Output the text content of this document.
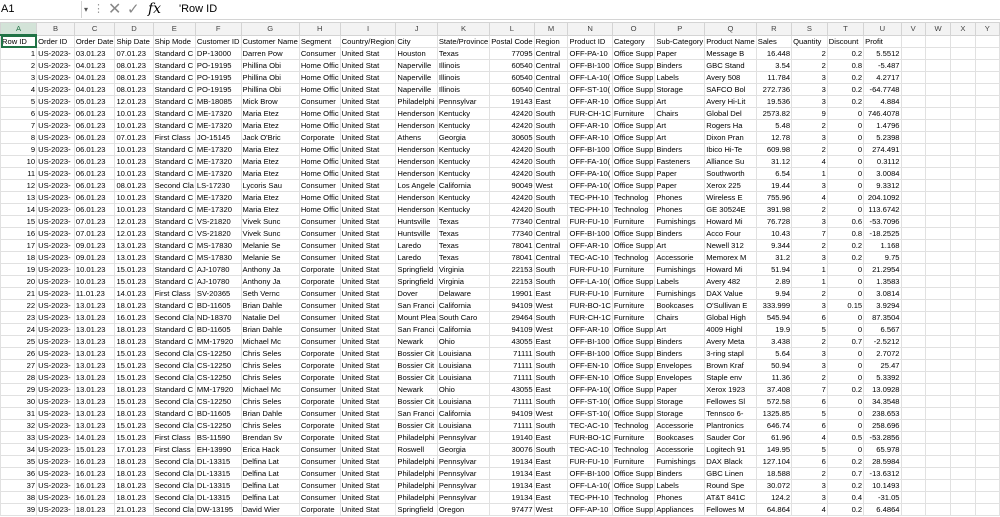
A1	▾ ⋮ ✕ ✓ fx 'Row ID
A	B	C	D	E	F	G	H	I	J	K	L	M	N	O	P	Q	R	S	T	U	V	W	X	Y
Row ID	Order ID	Order Date	Ship Date	Ship Mode	Customer ID	Customer Name	Segment	Country/Region	City	State/Province	Postal Code	Region	Product ID	Category	Sub-Category	Product Name	Sales	Quantity	Discount	Profit				
1	US-2023-	03.01.23	07.01.23	Standard C	DP-13000	Darren Pow	Consumer	United Stat	Houston	Texas	77095	Central	OFF-PA-10	Office Supp	Paper	Message B	16.448	2	0.2	5.5512				
2	US-2023-	04.01.23	08.01.23	Standard C	PO-19195	Phillina Obi	Home Offic	United Stat	Naperville	Illinois	60540	Central	OFF-BI-100	Office Supp	Binders	GBC Stand	3.54	2	0.8	-5.487				
3	US-2023-	04.01.23	08.01.23	Standard C	PO-19195	Phillina Obi	Home Offic	United Stat	Naperville	Illinois	60540	Central	OFF-LA-10(	Office Supp	Labels	Avery 508	11.784	3	0.2	4.2717				
4	US-2023-	04.01.23	08.01.23	Standard C	PO-19195	Phillina Obi	Home Offic	United Stat	Naperville	Illinois	60540	Central	OFF-ST-10(	Office Supp	Storage	SAFCO Bol	272.736	3	0.2	-64.7748				
5	US-2023-	05.01.23	12.01.23	Standard C	MB-18085	Mick Brow	Consumer	United Stat	Philadelphi	Pennsylvar	19143	East	OFF-AR-10	Office Supp	Art	Avery Hi-Lit	19.536	3	0.2	4.884				
6	US-2023-	06.01.23	10.01.23	Standard C	ME-17320	Maria Etez	Home Offic	United Stat	Henderson	Kentucky	42420	South	FUR-CH-1C	Furniture	Chairs	Global Del	2573.82	9	0	746.4078				
7	US-2023-	06.01.23	10.01.23	Standard C	ME-17320	Maria Etez	Home Offic	United Stat	Henderson	Kentucky	42420	South	OFF-AR-10	Office Supp	Art	Rogers Ha	5.48	2	0	1.4796				
8	US-2023-	06.01.23	07.01.23	First Class	JO-15145	Jack O'Bric	Corporate	United Stat	Athens	Georgia	30605	South	OFF-AR-10	Office Supp	Art	Dixon Pran	12.78	3	0	5.2398				
9	US-2023-	06.01.23	10.01.23	Standard C	ME-17320	Maria Etez	Home Offic	United Stat	Henderson	Kentucky	42420	South	OFF-BI-100	Office Supp	Binders	Ibico Hi-Te	609.98	2	0	274.491				
10	US-2023-	06.01.23	10.01.23	Standard C	ME-17320	Maria Etez	Home Offic	United Stat	Henderson	Kentucky	42420	South	OFF-FA-10(	Office Supp	Fasteners	Alliance Su	31.12	4	0	0.3112				
11	US-2023-	06.01.23	10.01.23	Standard C	ME-17320	Maria Etez	Home Offic	United Stat	Henderson	Kentucky	42420	South	OFF-PA-10(	Office Supp	Paper	Southworth	6.54	1	0	3.0084				
12	US-2023-	06.01.23	08.01.23	Second Cla	LS-17230	Lycoris Sau	Consumer	United Stat	Los Angele	California	90049	West	OFF-PA-10(	Office Supp	Paper	Xerox 225	19.44	3	0	9.3312				
13	US-2023-	06.01.23	10.01.23	Standard C	ME-17320	Maria Etez	Home Offic	United Stat	Henderson	Kentucky	42420	South	TEC-PH-10	Technolog	Phones	Wireless E	755.96	4	0	204.1092				
14	US-2023-	06.01.23	10.01.23	Standard C	ME-17320	Maria Etez	Home Offic	United Stat	Henderson	Kentucky	42420	South	TEC-PH-10	Technolog	Phones	GE 30524E	391.98	2	0	113.6742				
15	US-2023-	07.01.23	12.01.23	Standard C	VS-21820	Vivek Sunc	Consumer	United Stat	Huntsville	Texas	77340	Central	FUR-FU-10	Furniture	Furnishings	Howard Mi	76.728	3	0.6	-53.7096				
16	US-2023-	07.01.23	12.01.23	Standard C	VS-21820	Vivek Sunc	Consumer	United Stat	Huntsville	Texas	77340	Central	OFF-BI-100	Office Supp	Binders	Acco Four	10.43	7	0.8	-18.2525				
17	US-2023-	09.01.23	13.01.23	Standard C	MS-17830	Melanie Se	Consumer	United Stat	Laredo	Texas	78041	Central	OFF-AR-10	Office Supp	Art	Newell 312	9.344	2	0.2	1.168				
18	US-2023-	09.01.23	13.01.23	Standard C	MS-17830	Melanie Se	Consumer	United Stat	Laredo	Texas	78041	Central	TEC-AC-10	Technolog	Accessorie	Memorex M	31.2	3	0.2	9.75				
19	US-2023-	10.01.23	15.01.23	Standard C	AJ-10780	Anthony Ja	Corporate	United Stat	Springfield	Virginia	22153	South	FUR-FU-10	Furniture	Furnishings	Howard Mi	51.94	1	0	21.2954				
20	US-2023-	10.01.23	15.01.23	Standard C	AJ-10780	Anthony Ja	Corporate	United Stat	Springfield	Virginia	22153	South	OFF-LA-10(	Office Supp	Labels	Avery 482	2.89	1	0	1.3583				
21	US-2023-	11.01.23	14.01.23	First Class	SV-20365	Seth Vernc	Consumer	United Stat	Dover	Delaware	19901	East	FUR-FU-10	Furniture	Furnishings	DAX Value	9.94	2	0	3.0814				
22	US-2023-	13.01.23	18.01.23	Standard C	BD-11605	Brian Dahle	Consumer	United Stat	San Franci	California	94109	West	FUR-BO-1C	Furniture	Bookcases	O'Sullivan E	333.999	3	0.15	3.9294				
23	US-2023-	13.01.23	16.01.23	Second Cla	ND-18370	Natalie Del	Consumer	United Stat	Mount Plea	South Caro	29464	South	FUR-CH-1C	Furniture	Chairs	Global High	545.94	6	0	87.3504				
24	US-2023-	13.01.23	18.01.23	Standard C	BD-11605	Brian Dahle	Consumer	United Stat	San Franci	California	94109	West	OFF-AR-10	Office Supp	Art	4009 Highl	19.9	5	0	6.567				
25	US-2023-	13.01.23	18.01.23	Standard C	MM-17920	Michael Mc	Consumer	United Stat	Newark	Ohio	43055	East	OFF-BI-100	Office Supp	Binders	Avery Meta	3.438	2	0.7	-2.5212				
26	US-2023-	13.01.23	15.01.23	Second Cla	CS-12250	Chris Seles	Corporate	United Stat	Bossier Cit	Louisiana	71111	South	OFF-BI-100	Office Supp	Binders	3-ring stapl	5.64	3	0	2.7072				
27	US-2023-	13.01.23	15.01.23	Second Cla	CS-12250	Chris Seles	Corporate	United Stat	Bossier Cit	Louisiana	71111	South	OFF-EN-10	Office Supp	Envelopes	Brown Kraf	50.94	3	0	25.47				
28	US-2023-	13.01.23	15.01.23	Second Cla	CS-12250	Chris Seles	Corporate	United Stat	Bossier Cit	Louisiana	71111	South	OFF-EN-10	Office Supp	Envelopes	Staple env	11.36	2	0	5.3392				
29	US-2023-	13.01.23	18.01.23	Standard C	MM-17920	Michael Mc	Consumer	United Stat	Newark	Ohio	43055	East	OFF-PA-10(	Office Supp	Paper	Xerox 1923	37.408	7	0.2	13.0928				
30	US-2023-	13.01.23	15.01.23	Second Cla	CS-12250	Chris Seles	Corporate	United Stat	Bossier Cit	Louisiana	71111	South	OFF-ST-10(	Office Supp	Storage	Fellowes Sl	572.58	6	0	34.3548				
31	US-2023-	13.01.23	18.01.23	Standard C	BD-11605	Brian Dahle	Consumer	United Stat	San Franci	California	94109	West	OFF-ST-10(	Office Supp	Storage	Tennsco 6-	1325.85	5	0	238.653				
32	US-2023-	13.01.23	15.01.23	Second Cla	CS-12250	Chris Seles	Corporate	United Stat	Bossier Cit	Louisiana	71111	South	TEC-AC-10	Technolog	Accessorie	Plantronics	646.74	6	0	258.696				
33	US-2023-	14.01.23	15.01.23	First Class	BS-11590	Brendan Sv	Corporate	United Stat	Philadelphi	Pennsylvar	19140	East	FUR-BO-1C	Furniture	Bookcases	Sauder Cor	61.96	4	0.5	-53.2856				
34	US-2023-	15.01.23	17.01.23	First Class	EH-13990	Erica Hack	Consumer	United Stat	Roswell	Georgia	30076	South	TEC-AC-10	Technolog	Accessorie	Logitech 91	149.95	5	0	65.978				
35	US-2023-	16.01.23	18.01.23	Second Cla	DL-13315	Delfina Lat	Consumer	United Stat	Philadelphi	Pennsylvar	19134	East	FUR-FU-10	Furniture	Furnishings	DAX Black	127.104	6	0.2	28.5984				
36	US-2023-	16.01.23	18.01.23	Second Cla	DL-13315	Delfina Lat	Consumer	United Stat	Philadelphi	Pennsylvar	19134	East	OFF-BI-100	Office Supp	Binders	GBC Linen	18.588	2	0.7	-13.6312				
37	US-2023-	16.01.23	18.01.23	Second Cla	DL-13315	Delfina Lat	Consumer	United Stat	Philadelphi	Pennsylvar	19134	East	OFF-LA-10(	Office Supp	Labels	Round Spe	30.072	3	0.2	10.1493				
38	US-2023-	16.01.23	18.01.23	Second Cla	DL-13315	Delfina Lat	Consumer	United Stat	Philadelphi	Pennsylvar	19134	East	TEC-PH-10	Technolog	Phones	AT&T 841C	124.2	3	0.4	-31.05				
39	US-2023-	18.01.23	21.01.23	Second Cla	DW-13195	David Wier	Corporate	United Stat	Springfield	Oregon	97477	West	OFF-AP-10	Office Supp	Appliances	Fellowes M	64.864	4	0.2	6.4864				
